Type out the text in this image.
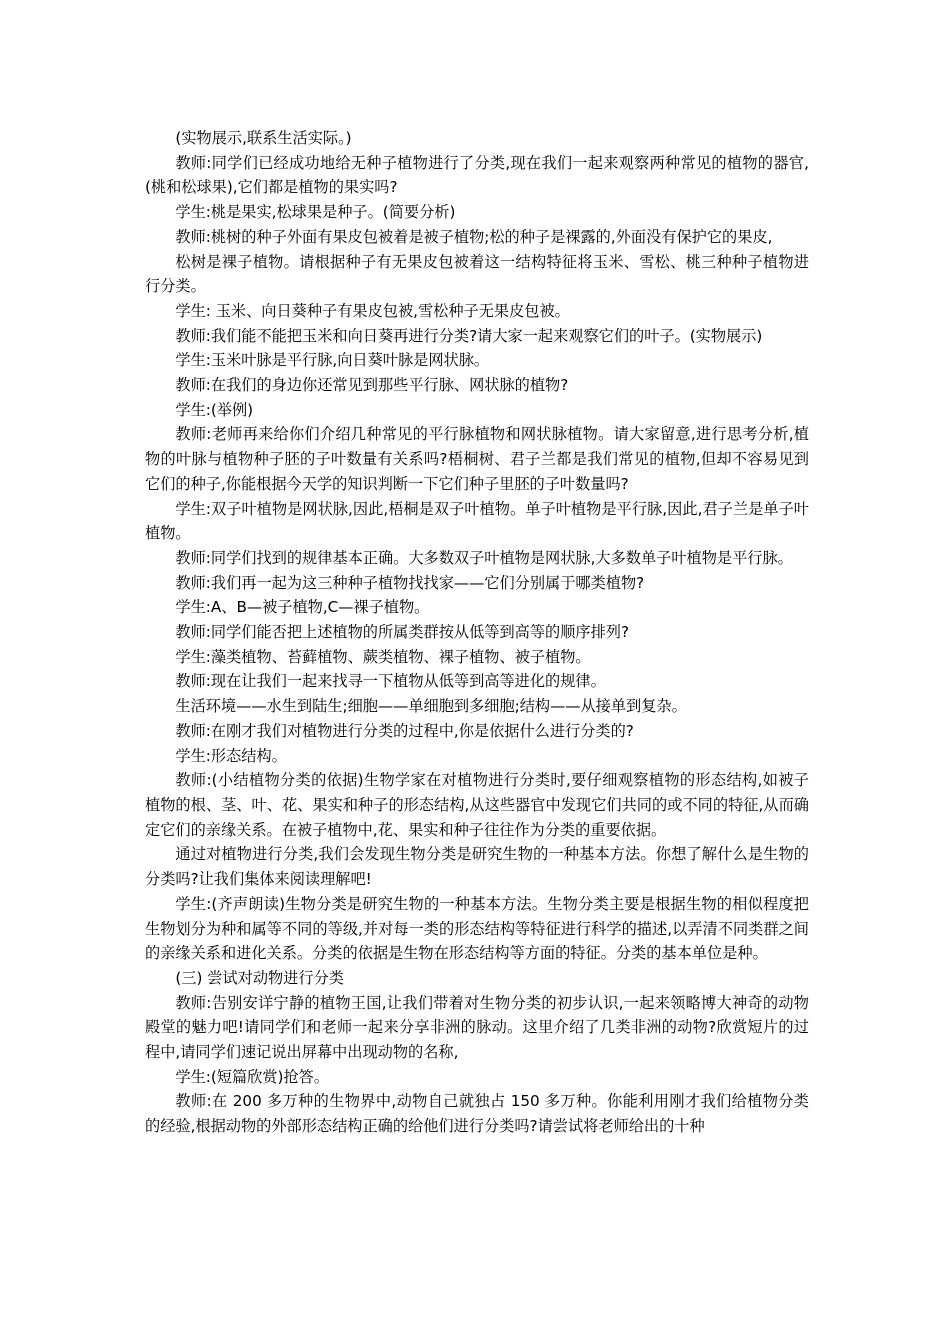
(实物展示,联系生活实际。)

教师:同学们已经成功地给无种子植物进行了分类,现在我们一起来观察两种常见的植物的器官,(桃和松球果),它们都是植物的果实吗?

学生:桃是果实,松球果是种子。(简要分析)

教师:桃树的种子外面有果皮包被着是被子植物;松的种子是裸露的,外面没有保护它的果皮,

松树是裸子植物。请根据种子有无果皮包被着这一结构特征将玉米、雪松、桃三种种子植物进行分类。

学生: 玉米、向日葵种子有果皮包被,雪松种子无果皮包被。

教师:我们能不能把玉米和向日葵再进行分类?请大家一起来观察它们的叶子。(实物展示)

学生:玉米叶脉是平行脉,向日葵叶脉是网状脉。

教师:在我们的身边你还常见到那些平行脉、网状脉的植物?

学生:(举例)

教师:老师再来给你们介绍几种常见的平行脉植物和网状脉植物。请大家留意,进行思考分析,植物的叶脉与植物种子胚的子叶数量有关系吗?梧桐树、君子兰都是我们常见的植物,但却不容易见到它们的种子,你能根据今天学的知识判断一下它们种子里胚的子叶数量吗?

学生:双子叶植物是网状脉,因此,梧桐是双子叶植物。单子叶植物是平行脉,因此,君子兰是单子叶植物。

教师:同学们找到的规律基本正确。大多数双子叶植物是网状脉,大多数单子叶植物是平行脉。

教师:我们再一起为这三种种子植物找找家——它们分别属于哪类植物?

学生:A、B—被子植物,C—裸子植物。

教师:同学们能否把上述植物的所属类群按从低等到高等的顺序排列?

学生:藻类植物、苔藓植物、蕨类植物、裸子植物、被子植物。

教师:现在让我们一起来找寻一下植物从低等到高等进化的规律。

生活环境——水生到陆生;细胞——单细胞到多细胞;结构——从接单到复杂。

教师:在刚才我们对植物进行分类的过程中,你是依据什么进行分类的?

学生:形态结构。

教师:(小结植物分类的依据)生物学家在对植物进行分类时,要仔细观察植物的形态结构,如被子植物的根、茎、叶、花、果实和种子的形态结构,从这些器官中发现它们共同的或不同的特征,从而确定它们的亲缘关系。在被子植物中,花、果实和种子往往作为分类的重要依据。

通过对植物进行分类,我们会发现生物分类是研究生物的一种基本方法。你想了解什么是生物的分类吗?让我们集体来阅读理解吧!

学生:(齐声朗读)生物分类是研究生物的一种基本方法。生物分类主要是根据生物的相似程度把生物划分为种和属等不同的等级,并对每一类的形态结构等特征进行科学的描述,以弄清不同类群之间的亲缘关系和进化关系。分类的依据是生物在形态结构等方面的特征。分类的基本单位是种。

(三) 尝试对动物进行分类

教师:告别安详宁静的植物王国,让我们带着对生物分类的初步认识,一起来领略博大神奇的动物殿堂的魅力吧!请同学们和老师一起来分享非洲的脉动。这里介绍了几类非洲的动物?欣赏短片的过程中,请同学们速记说出屏幕中出现动物的名称,

学生:(短篇欣赏)抢答。

教师:在 200 多万种的生物界中,动物自己就独占 150 多万种。你能利用刚才我们给植物分类的经验,根据动物的外部形态结构正确的给他们进行分类吗?请尝试将老师给出的十种
